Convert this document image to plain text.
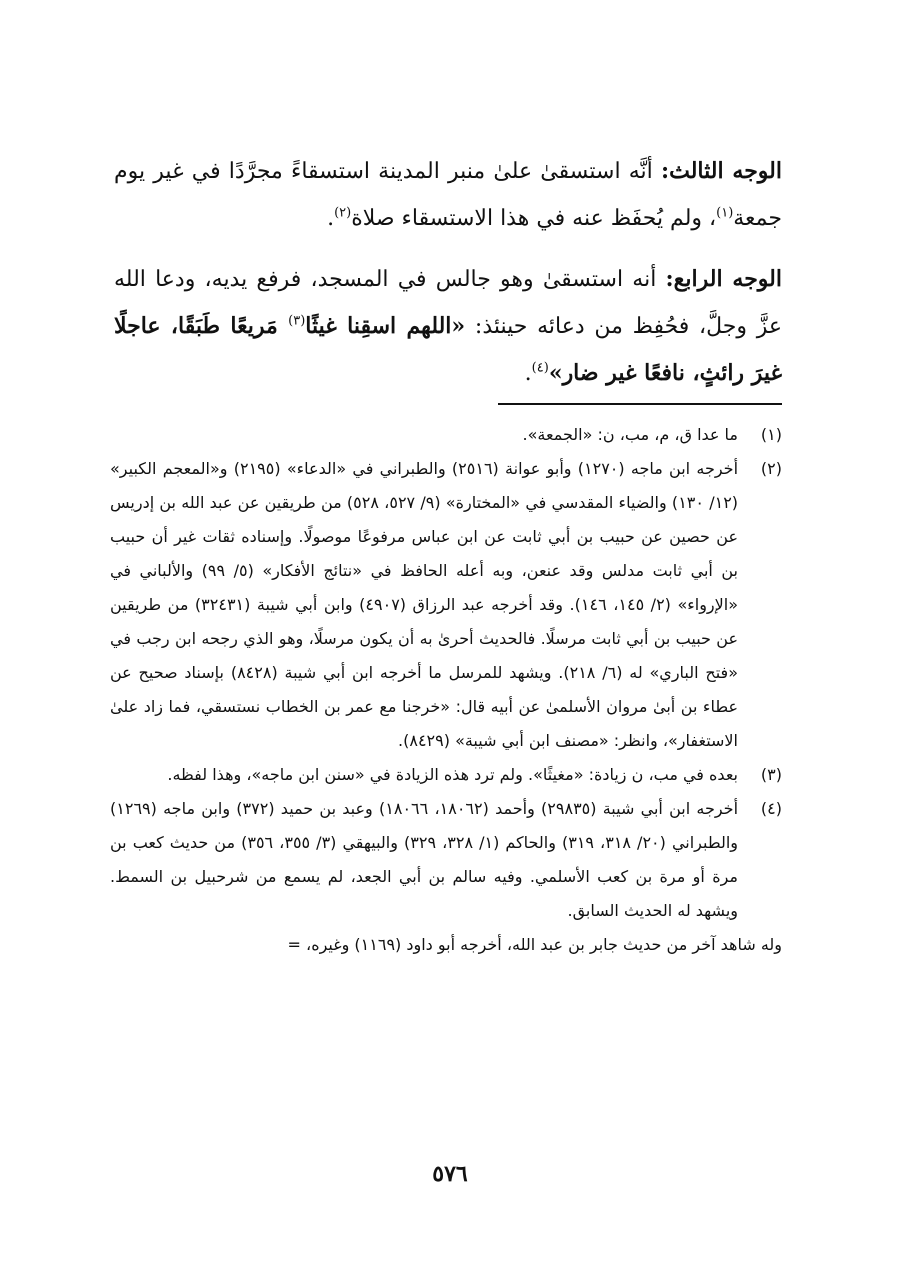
الوجه الثالث: أنَّه استسقىٰ علىٰ منبر المدينة استسقاءً مجرَّدًا في غير يوم جمعة$^{(١)}$، ولم يُحفَظ عنه في هذا الاستسقاء صلاة$^{(٢)}$.

الوجه الرابع: أنه استسقىٰ وهو جالس في المسجد، فرفع يديه، ودعا الله عزَّ وجلَّ، فحُفِظ من دعائه حينئذ: «اللهم اسقِنا غيثًا$^{(٣)}$ مَريعًا طَبَقًا، عاجلًا غيرَ رائثٍ، نافعًا غير ضار»$^{(٤)}$.

(١)
ما عدا ق، م، مب، ن: «الجمعة».

(٢)
أخرجه ابن ماجه (١٢٧٠) وأبو عوانة (٢٥١٦) والطبراني في «الدعاء» (٢١٩٥) و«المعجم الكبير» (١٢/ ١٣٠) والضياء المقدسي في «المختارة» (٩/ ٥٢٧، ٥٢٨) من طريقين عن عبد الله بن إدريس عن حصين عن حبيب بن أبي ثابت عن ابن عباس مرفوعًا موصولًا. وإسناده ثقات غير أن حبيب بن أبي ثابت مدلس وقد عنعن، وبه أعله الحافظ في «نتائج الأفكار» (٥/ ٩٩) والألباني في «الإرواء» (٢/ ١٤٥، ١٤٦). وقد أخرجه عبد الرزاق (٤٩٠٧) وابن أبي شيبة (٣٢٤٣١) من طريقين عن حبيب بن أبي ثابت مرسلًا. فالحديث أحرىٰ به أن يكون مرسلًا، وهو الذي رجحه ابن رجب في «فتح الباري» له (٦/ ٢١٨). ويشهد للمرسل ما أخرجه ابن أبي شيبة (٨٤٢٨) بإسناد صحيح عن عطاء بن أبىٰ مروان الأسلمىٰ عن أبيه قال: «خرجنا مع عمر بن الخطاب نستسقي، فما زاد علىٰ الاستغفار»، وانظر: «مصنف ابن أبي شيبة» (٨٤٢٩).

(٣)
بعده في مب، ن زيادة: «مغيثًا». ولم ترد هذه الزيادة في «سنن ابن ماجه»، وهذا لفظه.

(٤)
أخرجه ابن أبي شيبة (٢٩٨٣٥) وأحمد (١٨٠٦٢، ١٨٠٦٦) وعبد بن حميد (٣٧٢) وابن ماجه (١٢٦٩) والطبراني (٢٠/ ٣١٨، ٣١٩) والحاكم (١/ ٣٢٨، ٣٢٩) والبيهقي (٣/ ٣٥٥، ٣٥٦) من حديث كعب بن مرة أو مرة بن كعب الأسلمي. وفيه سالم بن أبي الجعد، لم يسمع من شرحبيل بن السمط. ويشهد له الحديث السابق.

وله شاهد آخر من حديث جابر بن عبد الله، أخرجه أبو داود (١١٦٩) وغيره، =

٥٧٦
